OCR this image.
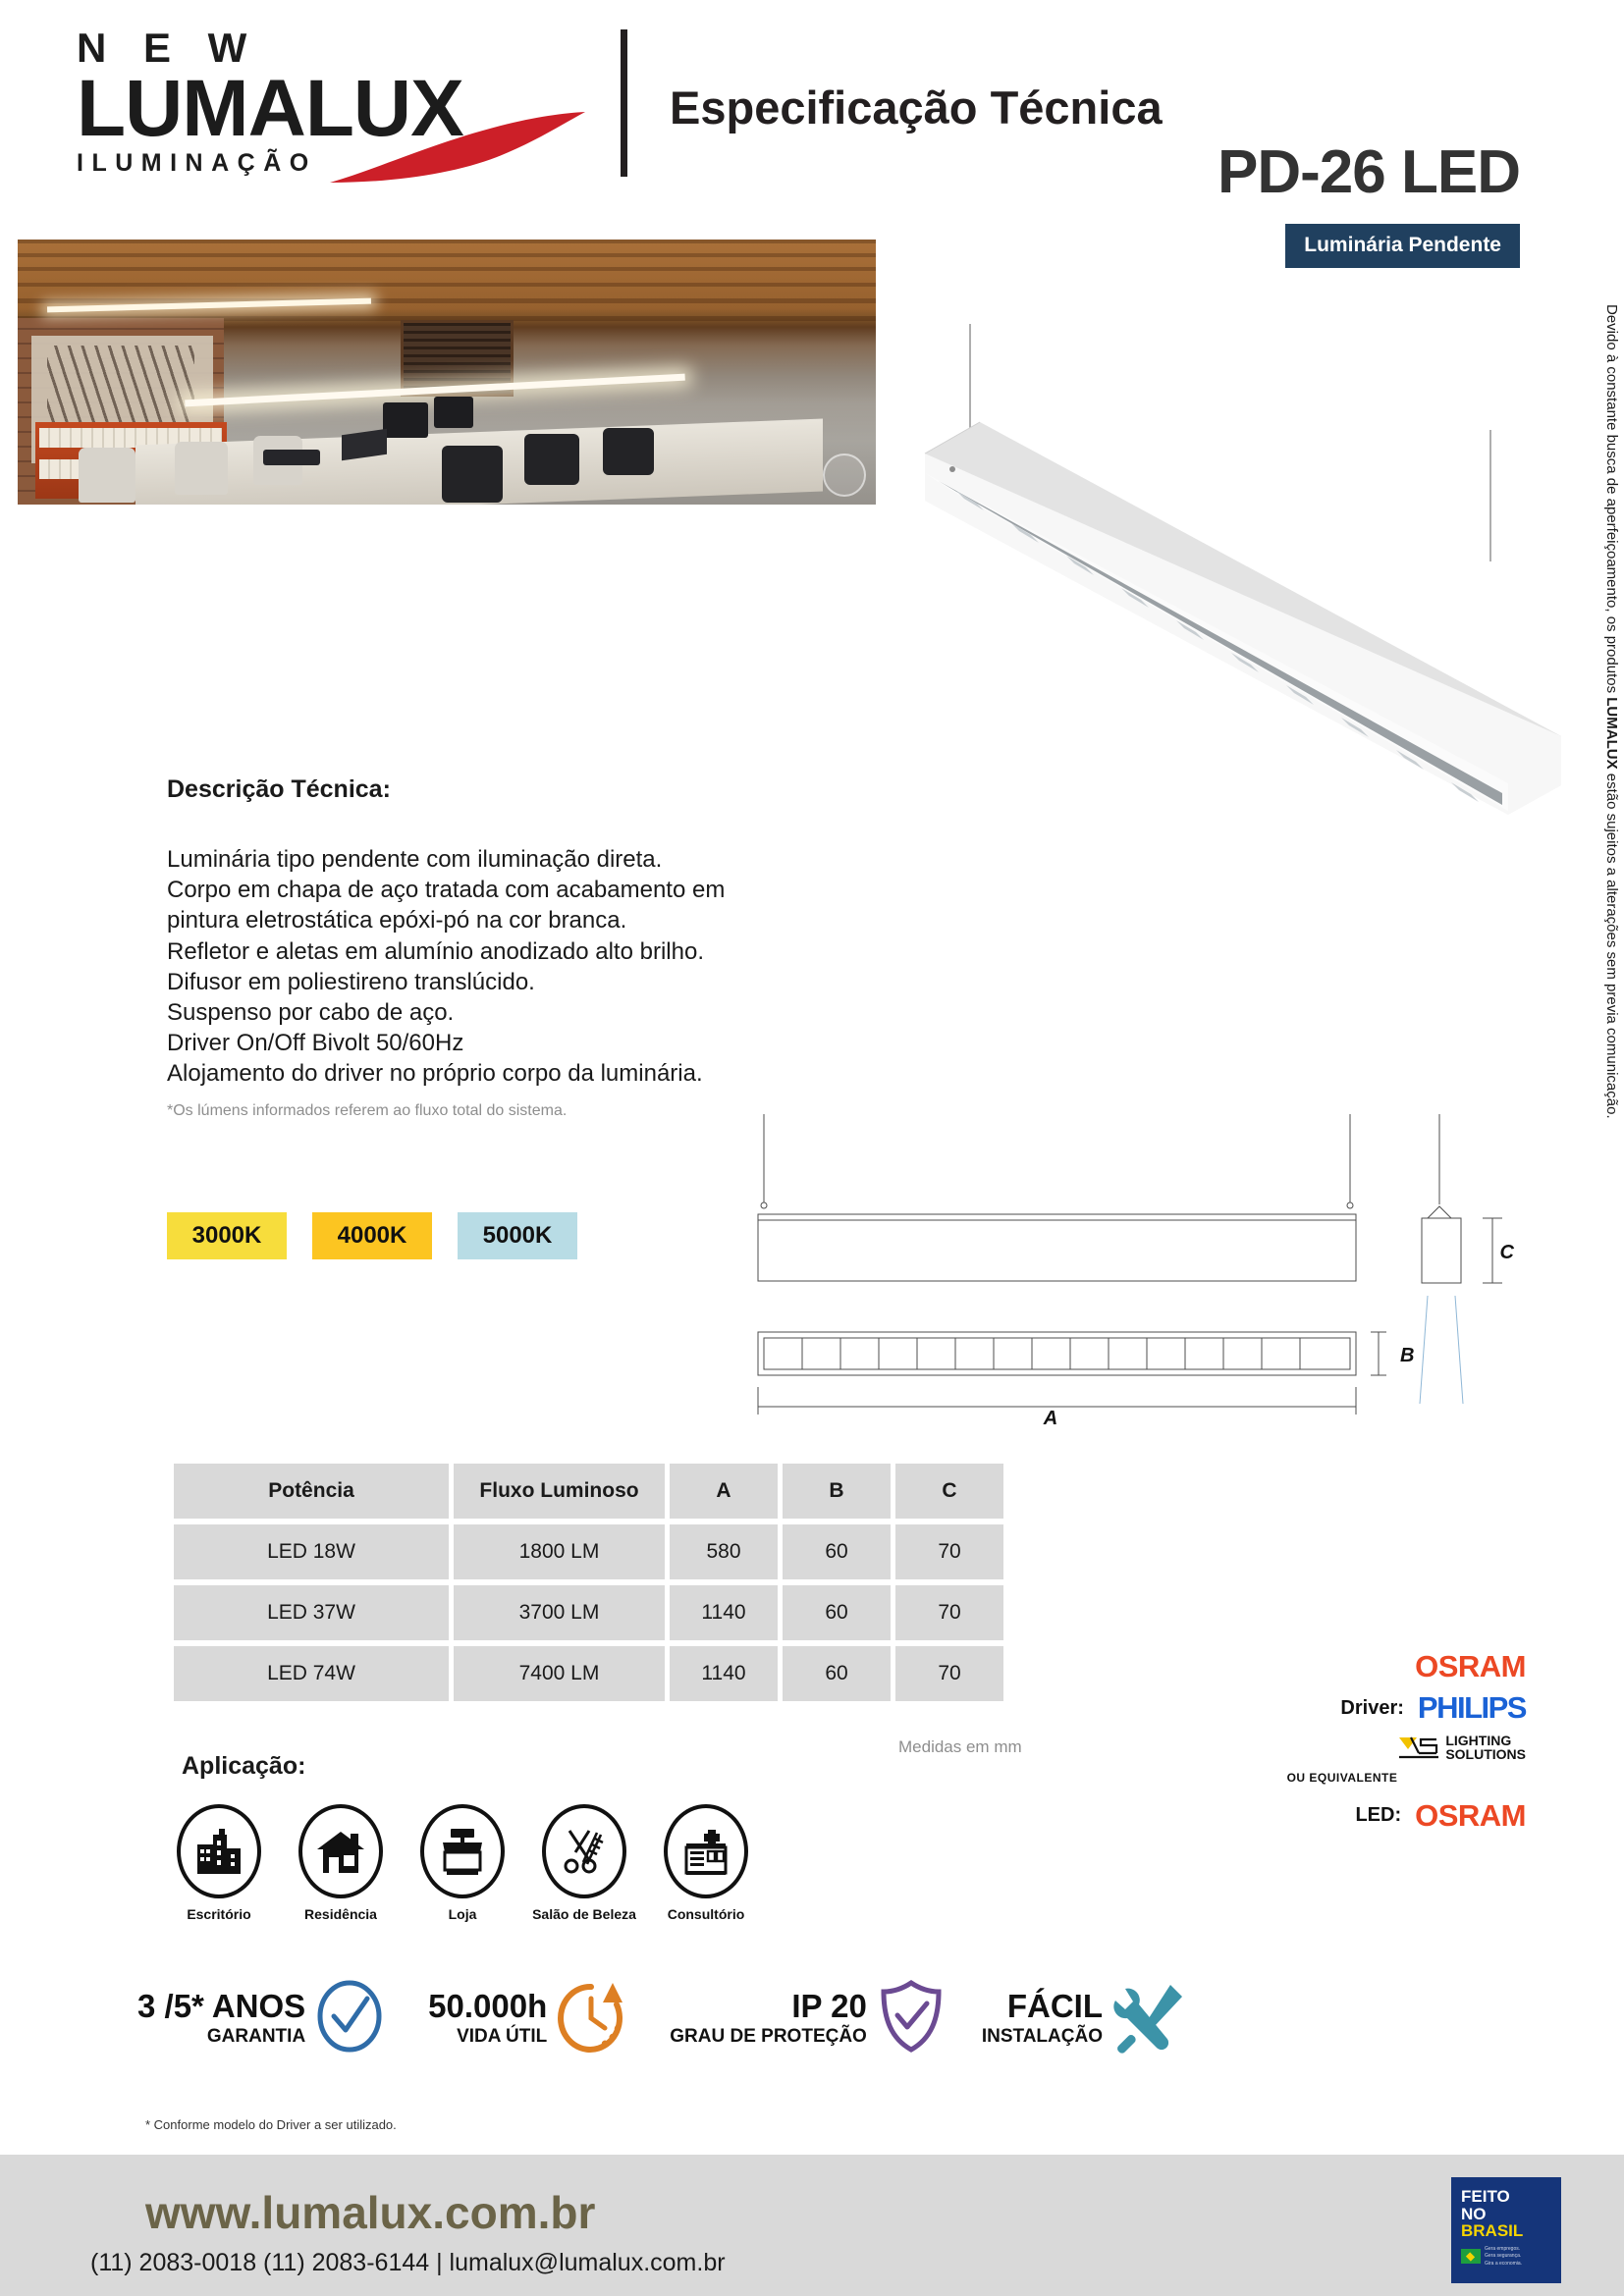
N E W
LUMALUX
ILUMINAÇÃO
Especificação Técnica
PD-26 LED
Luminária Pendente
Descrição Técnica:
Luminária tipo pendente com iluminação direta.
Corpo em chapa de aço tratada com acabamento em
pintura eletrostática epóxi-pó na cor branca.
Refletor e aletas em alumínio anodizado alto brilho.
Difusor em poliestireno translúcido.
Suspenso por cabo de aço.
Driver On/Off Bivolt 50/60Hz
Alojamento do driver no próprio corpo da luminária.
*Os lúmens informados referem ao fluxo total do sistema.
3000K	4000K	5000K
A
B
C
Potência	Fluxo Luminoso	A	B	C
LED 18W	1800 LM	580	60	70
LED 37W	3700 LM	1140	60	70
LED 74W	7400 LM	1140	60	70
Medidas em mm
Aplicação:
Escritório	Residência	Loja	Salão de Beleza	Consultório
OSRAM
Driver: PHILIPS
LIGHTING
SOLUTIONS
OU EQUIVALENTE
LED: OSRAM
3 /5* ANOS
GARANTIA
50.000h
VIDA ÚTIL
IP 20
GRAU DE PROTEÇÃO
FÁCIL
INSTALAÇÃO
* Conforme modelo do Driver a ser utilizado.
www.lumalux.com.br
(11) 2083-0018 (11) 2083-6144 | lumalux@lumalux.com.br
FEITO
NO
BRASIL
Gera empregos.
Gera segurança.
Gira a economia.
Devido à constante busca de aperfeiçoamento, os produtos LUMALUX estão sujeitos a alterações sem previa comunicação.
